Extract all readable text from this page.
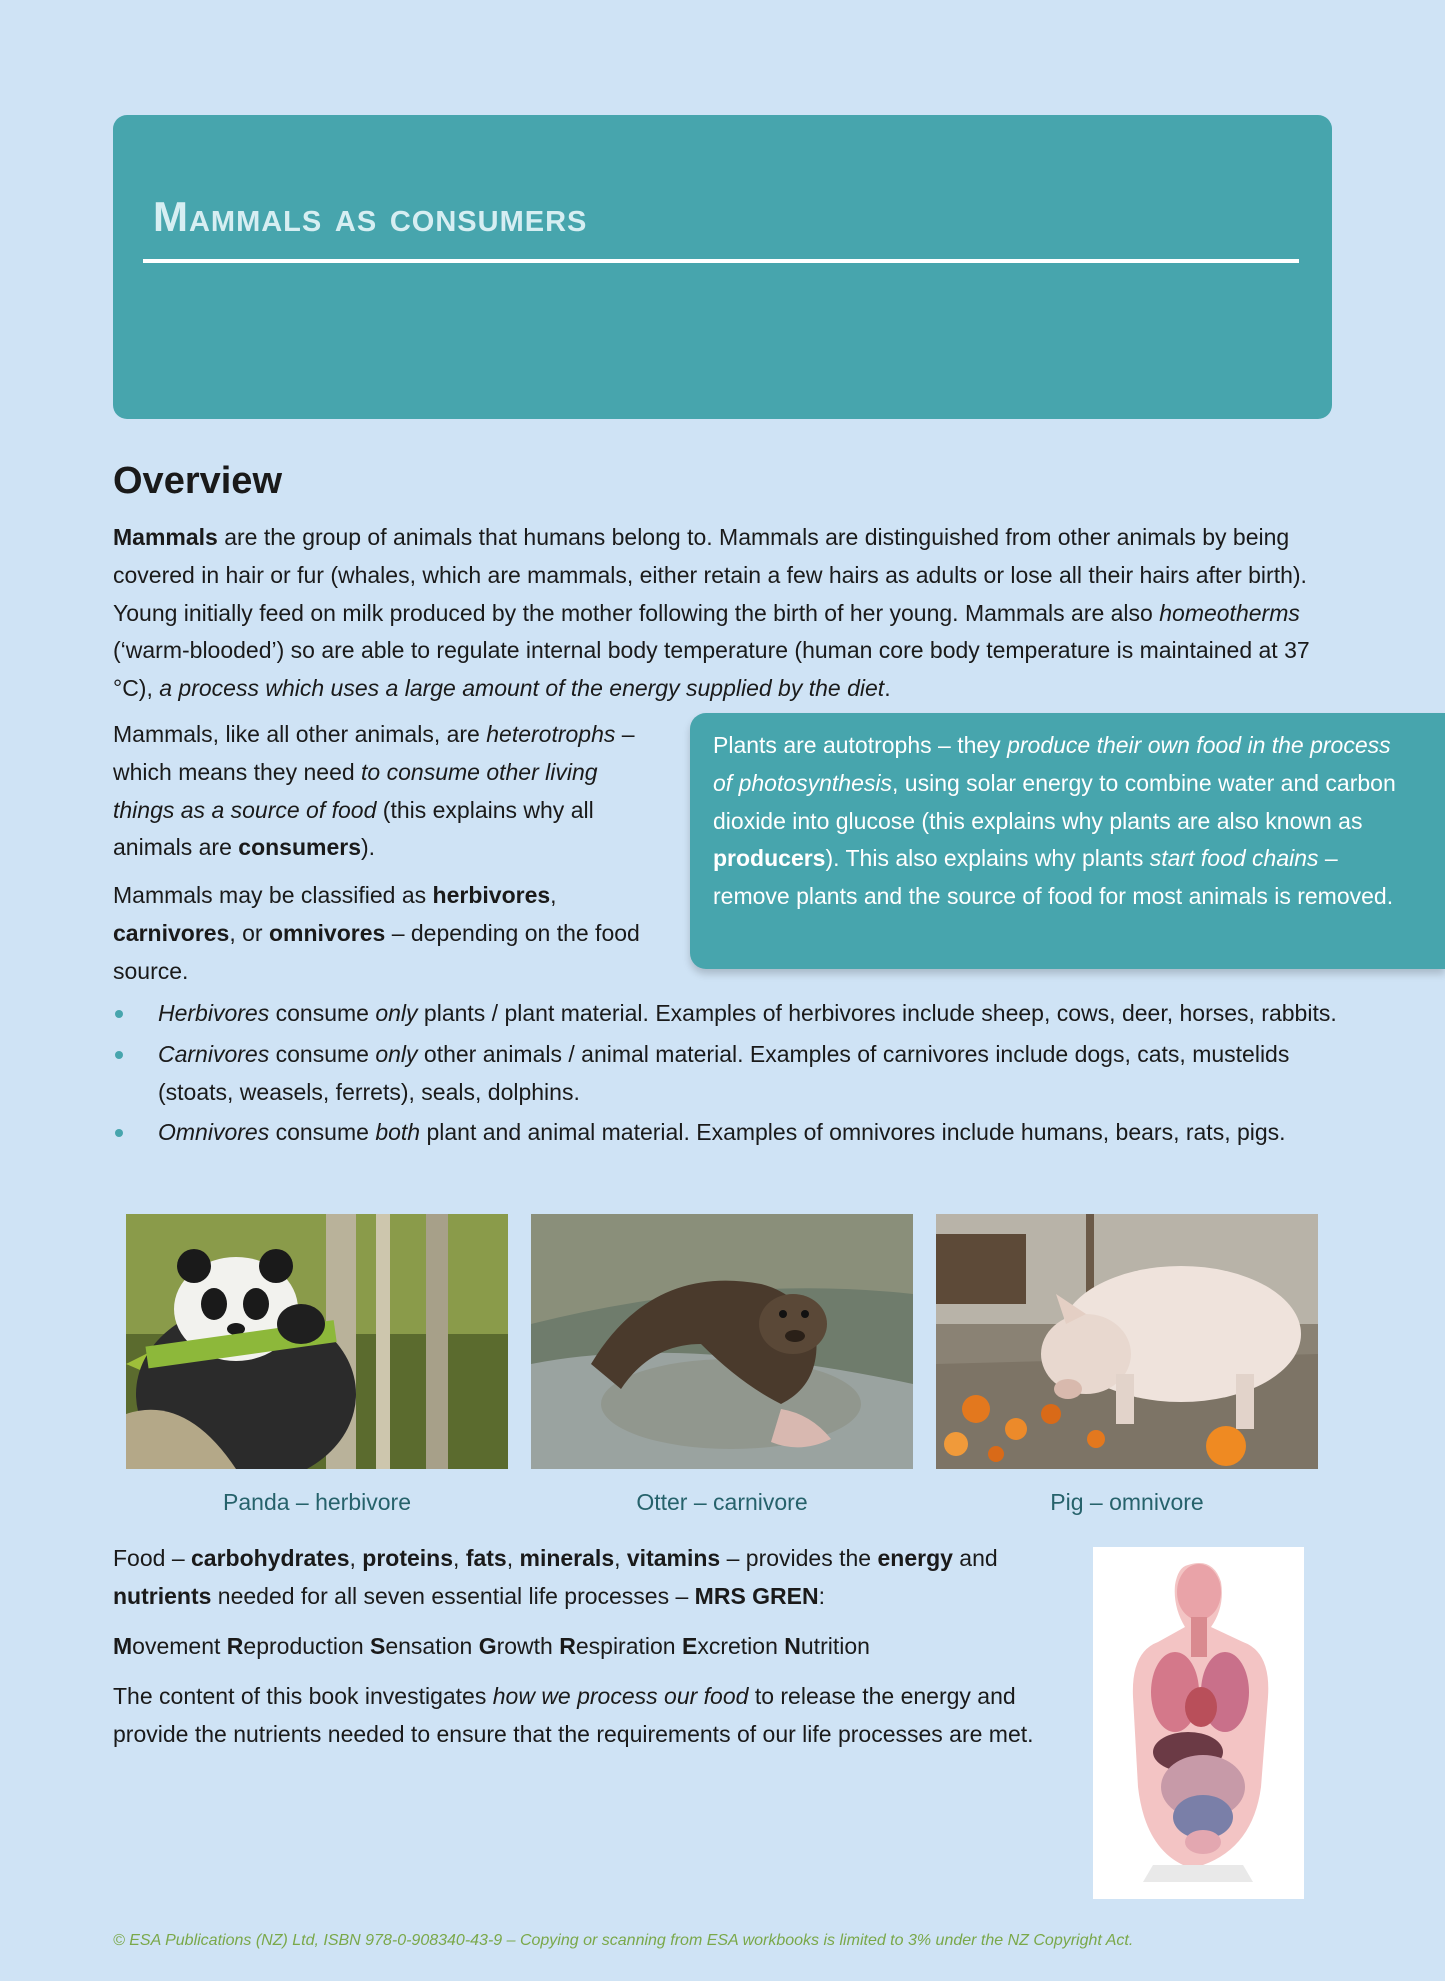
Mammals as consumers
Overview

Mammals are the group of animals that humans belong to. Mammals are distinguished from other animals by being covered in hair or fur (whales, which are mammals, either retain a few hairs as adults or lose all their hairs after birth). Young initially feed on milk produced by the mother following the birth of her young. Mammals are also homeotherms (‘warm-blooded’) so are able to regulate internal body temperature (human core body temperature is maintained at 37 °C), a process which uses a large amount of the energy supplied by the diet.

Mammals, like all other animals, are heterotrophs – which means they need to consume other living things as a source of food (this explains why all animals are consumers).

Mammals may be classified as herbivores, carnivores, or omnivores – depending on the food source.

Plants are autotrophs – they produce their own food in the process of photosynthesis, using solar energy to combine water and carbon dioxide into glucose (this explains why plants are also known as producers). This also explains why plants start food chains – remove plants and the source of food for most animals is removed.

Herbivores consume only plants / plant material. Examples of herbivores include sheep, cows, deer, horses, rabbits.
Carnivores consume only other animals / animal material. Examples of carnivores include dogs, cats, mustelids (stoats, weasels, ferrets), seals, dolphins.
Omnivores consume both plant and animal material. Examples of omnivores include humans, bears, rats, pigs.

Panda – herbivore	Otter – carnivore	Pig – omnivore

Food – carbohydrates, proteins, fats, minerals, vitamins – provides the energy and nutrients needed for all seven essential life processes – MRS GREN:

Movement Reproduction Sensation Growth Respiration Excretion Nutrition

The content of this book investigates how we process our food to release the energy and provide the nutrients needed to ensure that the requirements of our life processes are met.

© ESA Publications (NZ) Ltd, ISBN 978-0-908340-43-9 – Copying or scanning from ESA workbooks is limited to 3% under the NZ Copyright Act.
